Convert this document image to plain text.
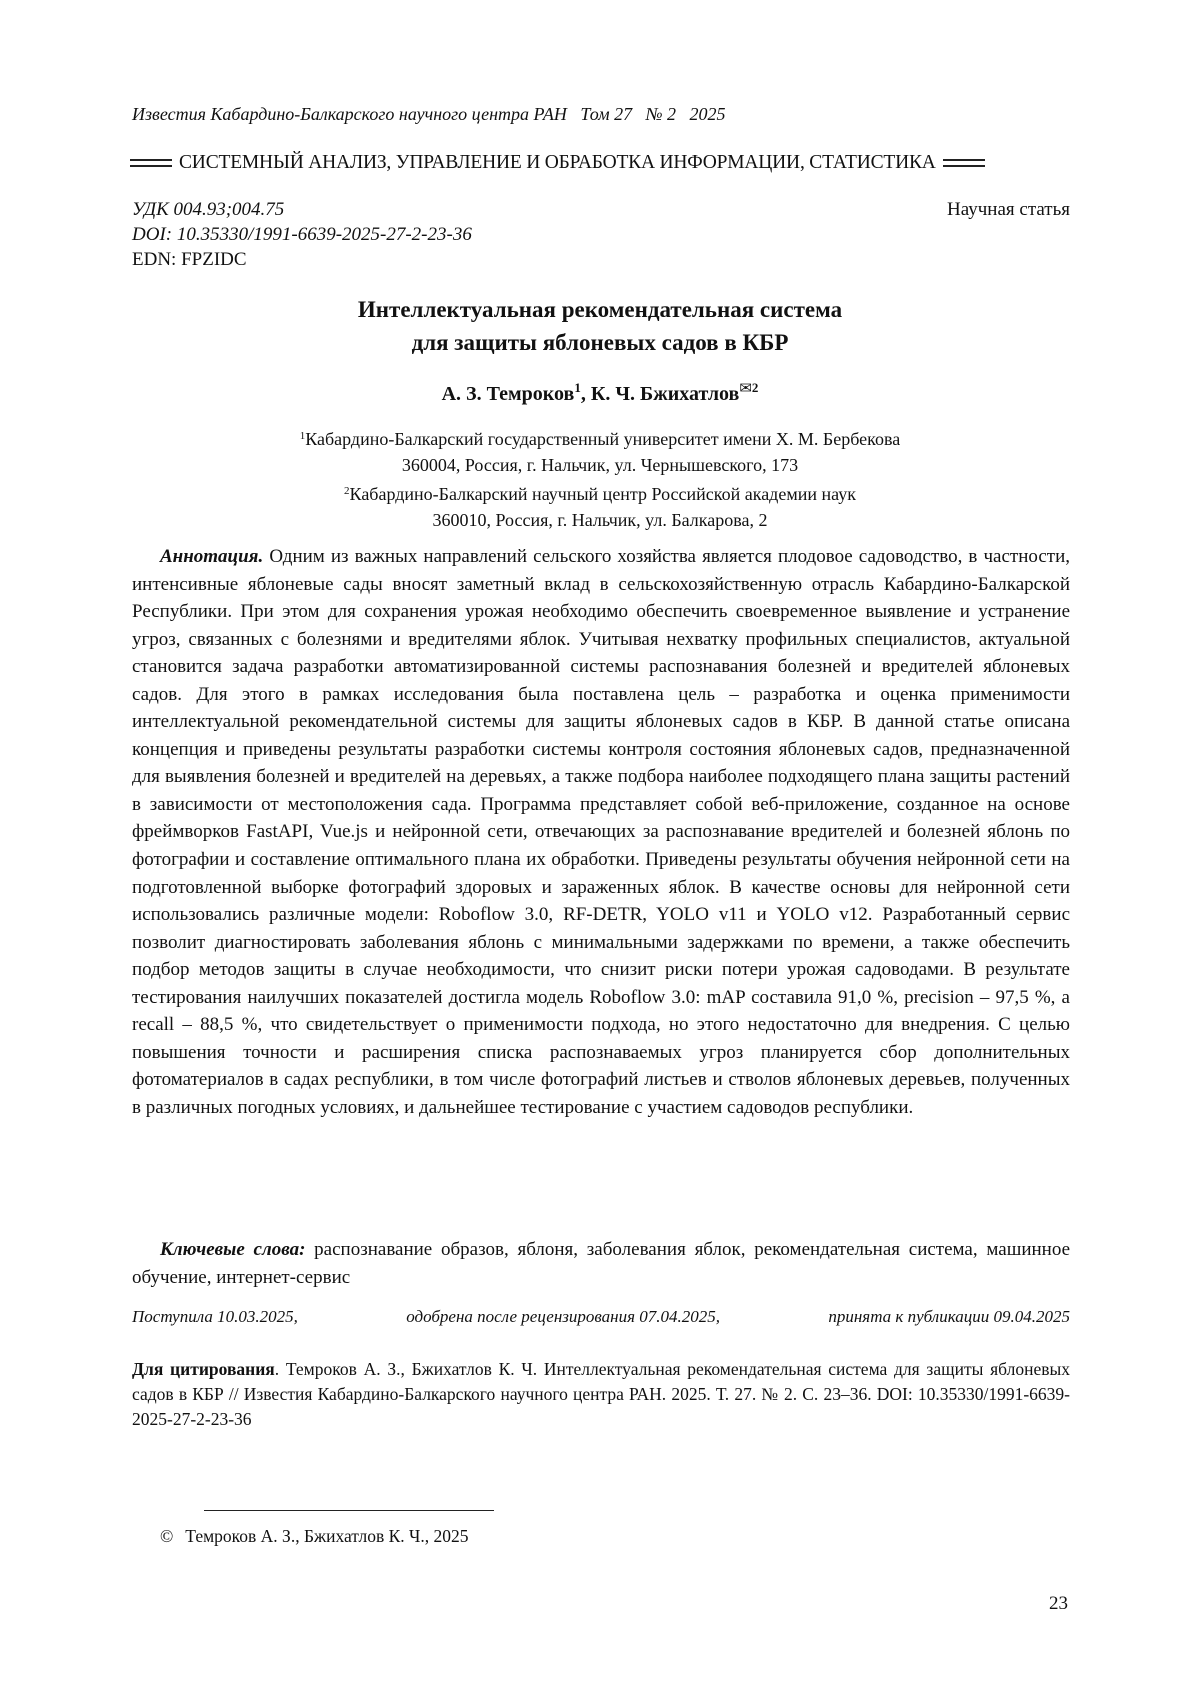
Известия Кабардино-Балкарского научного центра РАН   Том 27   № 2   2025
СИСТЕМНЫЙ АНАЛИЗ, УПРАВЛЕНИЕ И ОБРАБОТКА ИНФОРМАЦИИ, СТАТИСТИКА
УДК 004.93;004.75
DOI: 10.35330/1991-6639-2025-27-2-23-36
EDN: FPZIDC
Научная статья
Интеллектуальная рекомендательная система
для защиты яблоневых садов в КБР
А. З. Темроков1, К. Ч. Бжихатлов✉2
1Кабардино-Балкарский государственный университет имени Х. М. Бербекова
360004, Россия, г. Нальчик, ул. Чернышевского, 173
2Кабардино-Балкарский научный центр Российской академии наук
360010, Россия, г. Нальчик, ул. Балкарова, 2

Аннотация. Одним из важных направлений сельского хозяйства является плодовое садоводство, в частности, интенсивные яблоневые сады вносят заметный вклад в сельскохозяйственную отрасль Кабардино-Балкарской Республики. При этом для сохранения урожая необходимо обеспечить своевременное выявление и устранение угроз, связанных с болезнями и вредителями яблок. Учитывая нехватку профильных специалистов, актуальной становится задача разработки автоматизированной системы распознавания болезней и вредителей яблоневых садов. Для этого в рамках исследования была поставлена цель – разработка и оценка применимости интеллектуальной рекомендательной системы для защиты яблоневых садов в КБР. В данной статье описана концепция и приведены результаты разработки системы контроля состояния яблоневых садов, предназначенной для выявления болезней и вредителей на деревьях, а также подбора наиболее подходящего плана защиты растений в зависимости от местоположения сада. Программа представляет собой веб-приложение, созданное на основе фреймворков FastAPI, Vue.js и нейронной сети, отвечающих за распознавание вредителей и болезней яблонь по фотографии и составление оптимального плана их обработки. Приведены результаты обучения нейронной сети на подготовленной выборке фотографий здоровых и зараженных яблок. В качестве основы для нейронной сети использовались различные модели: Roboflow 3.0, RF-DETR, YOLO v11 и YOLO v12. Разработанный сервис позволит диагностировать заболевания яблонь с минимальными задержками по времени, а также обеспечить подбор методов защиты в случае необходимости, что снизит риски потери урожая садоводами. В результате тестирования наилучших показателей достигла модель Roboflow 3.0: mAP составила 91,0 %, precision – 97,5 %, a recall – 88,5 %, что свидетельствует о применимости подхода, но этого недостаточно для внедрения. С целью повышения точности и расширения списка распознаваемых угроз планируется сбор дополнительных фотоматериалов в садах республики, в том числе фотографий листьев и стволов яблоневых деревьев, полученных в различных погодных условиях, и дальнейшее тестирование с участием садоводов республики.

Ключевые слова: распознавание образов, яблоня, заболевания яблок, рекомендательная система, машинное обучение, интернет-сервис

Поступила 10.03.2025,	одобрена после рецензирования 07.04.2025,	принята к публикации 09.04.2025

Для цитирования. Темроков А. З., Бжихатлов К. Ч. Интеллектуальная рекомендательная система для защиты яблоневых садов в КБР // Известия Кабардино-Балкарского научного центра РАН. 2025. Т. 27. № 2. С. 23–36. DOI: 10.35330/1991-6639-2025-27-2-23-36

© Темроков А. З., Бжихатлов К. Ч., 2025
23
